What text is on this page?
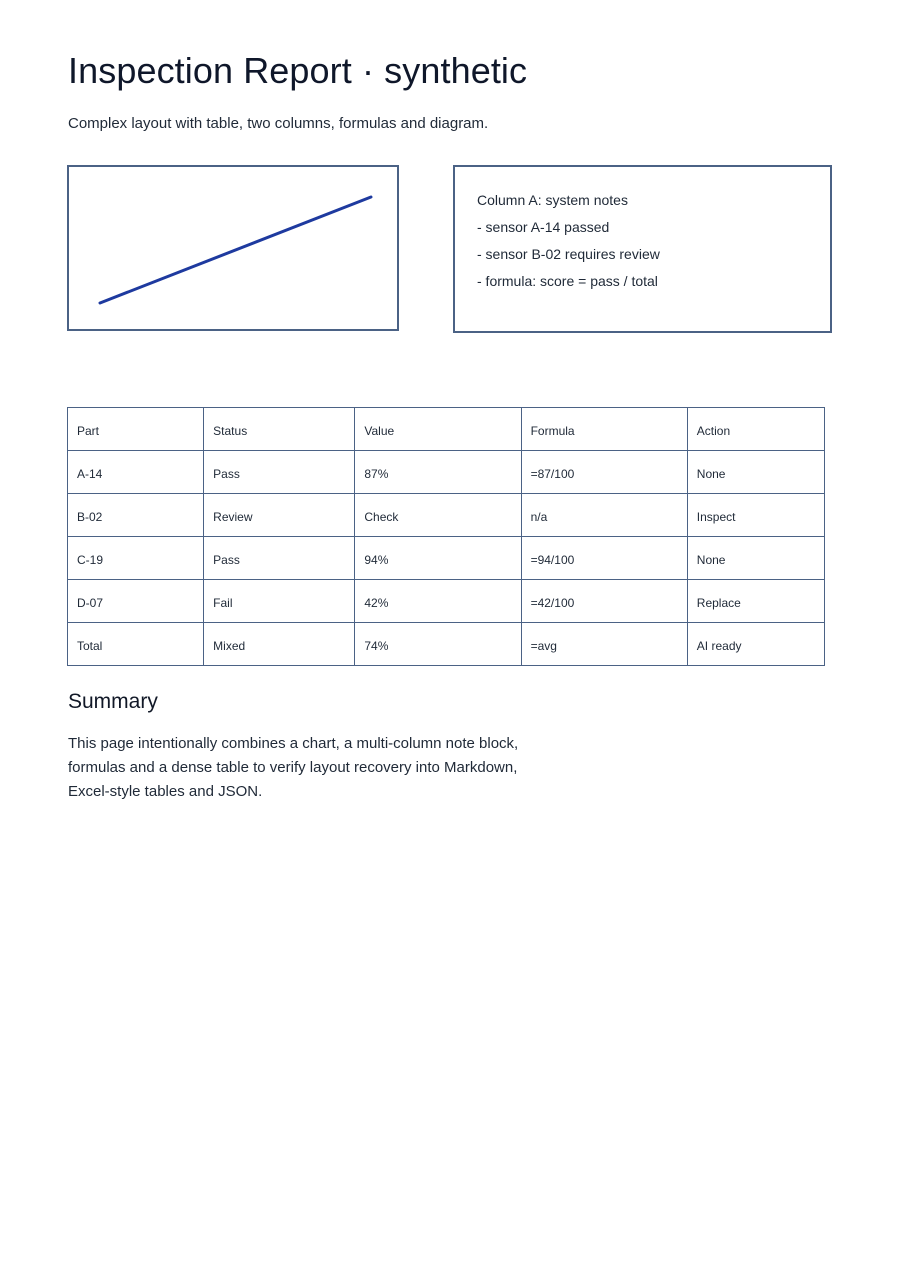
Inspection Report · synthetic

Complex layout with table, two columns, formulas and diagram.

Column A: system notes
- sensor A-14 passed
- sensor B-02 requires review
- formula: score = pass / total
Part	Status	Value	Formula	Action
A-14	Pass	87%	=87/100	None
B-02	Review	Check	n/a	Inspect
C-19	Pass	94%	=94/100	None
D-07	Fail	42%	=42/100	Replace
Total	Mixed	74%	=avg	AI ready
Summary

This page intentionally combines a chart, a multi-column note block, formulas and a dense table to verify layout recovery into Markdown, Excel-style tables and JSON.
